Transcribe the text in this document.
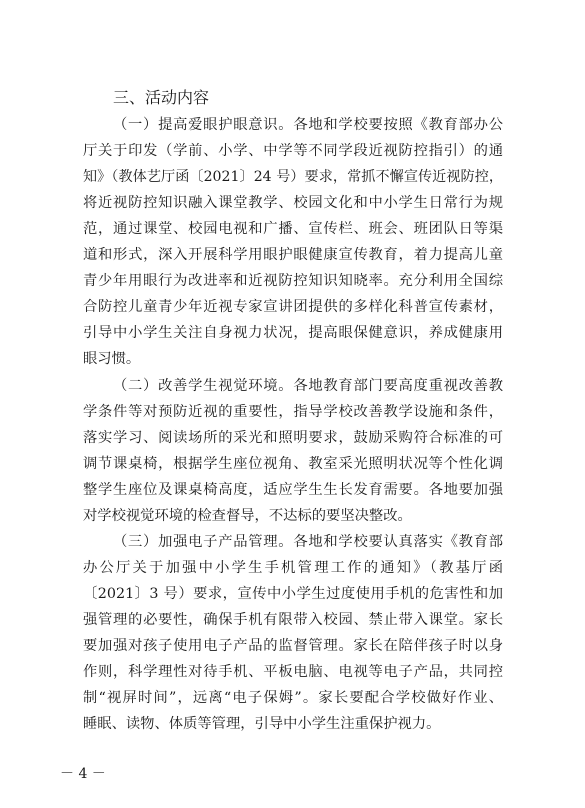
三、活动内容
（一）提高爱眼护眼意识。各地和学校要按照《教育部办公
厅关于印发（学前、小学、中学等不同学段近视防控指引）的通
知》（教体艺厅函〔2021〕24 号）要求，常抓不懈宣传近视防控，
将近视防控知识融入课堂教学、校园文化和中小学生日常行为规
范，通过课堂、校园电视和广播、宣传栏、班会、班团队日等渠
道和形式，深入开展科学用眼护眼健康宣传教育，着力提高儿童
青少年用眼行为改进率和近视防控知识知晓率。充分利用全国综
合防控儿童青少年近视专家宣讲团提供的多样化科普宣传素材，
引导中小学生关注自身视力状况，提高眼保健意识，养成健康用
眼习惯。
（二）改善学生视觉环境。各地教育部门要高度重视改善教
学条件等对预防近视的重要性，指导学校改善教学设施和条件，
落实学习、阅读场所的采光和照明要求，鼓励采购符合标准的可
调节课桌椅，根据学生座位视角、教室采光照明状况等个性化调
整学生座位及课桌椅高度，适应学生生长发育需要。各地要加强
对学校视觉环境的检查督导，不达标的要坚决整改。
（三）加强电子产品管理。各地和学校要认真落实《教育部
办公厅关于加强中小学生手机管理工作的通知》（教基厅函
〔2021〕3 号）要求，宣传中小学生过度使用手机的危害性和加
强管理的必要性，确保手机有限带入校园、禁止带入课堂。家长
要加强对孩子使用电子产品的监督管理。家长在陪伴孩子时以身
作则，科学理性对待手机、平板电脑、电视等电子产品，共同控
制“视屏时间”，远离“电子保姆”。家长要配合学校做好作业、
睡眠、读物、体质等管理，引导中小学生注重保护视力。
－ 4 －
